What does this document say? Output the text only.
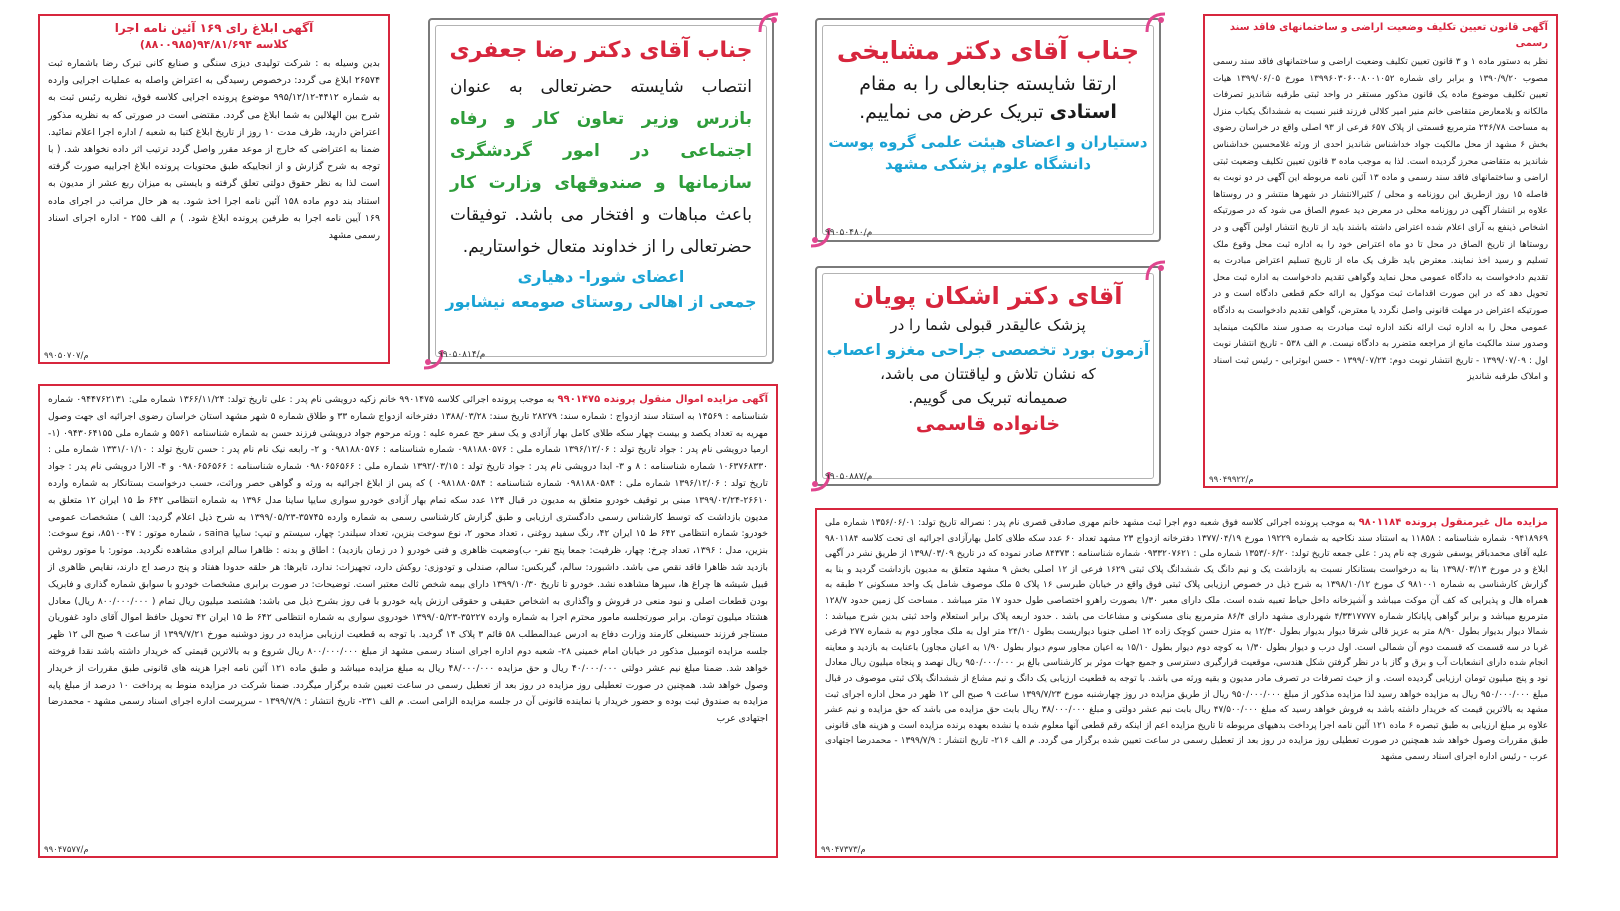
آگهی ابلاغ رای ۱۶۹ آئین نامه اجرا
کلاسه ۹۴/۸۱/۶۹۴(۸۸۰۰۹۸۵)
بدین وسیله به : شرکت تولیدی دیزی سنگی و صنایع کانی تبرک رضا باشماره ثبت ۲۶۵۷۴ ابلاغ می گردد: درخصوص رسیدگی به اعتراض واصله به عملیات اجرایی وارده به شماره ۴۴۱۲-۹۹۵/۱۲/۱۲ موضوع پرونده اجرایی کلاسه فوق، نظریه رئیس ثبت به شرح بین الهلالین به شما ابلاغ می گردد. مقتضی است در صورتی که به نظریه مذکور اعتراض دارید، ظرف مدت ۱۰ روز از تاریخ ابلاغ کتبا به شعبه / اداره اجرا اعلام نمائید. ضمنا به اعتراضی که خارج از موعد مقرر واصل گردد ترتیب اثر داده نخواهد شد. ( با توجه به شرح گزارش و از انجاییکه طبق محتویات پرونده ابلاغ اجراییه صورت گرفته است لذا به نظر حقوق دولتی تعلق گرفته و بایستی به میزان ربع عشر از مدیون به استناد بند دوم ماده ۱۵۸ آئین نامه اجرا اخذ شود. به هر حال مراتب در اجرای ماده ۱۶۹ آیین نامه اجرا به طرفین پرونده ابلاغ شود. ) م الف ۲۵۵ - اداره اجرای اسناد رسمی مشهد
م/۹۹۰۵۰۷۰۷
جناب آقای دکتر رضا جعفری
انتصاب شایسته حضرتعالی به عنوان بازرس وزیر تعاون کار و رفاه اجتماعی در امور گردشگری سازمانها و صندوقهای وزارت کار باعث مباهات و افتخار می باشد. توفیقات حضرتعالی را از خداوند متعال خواستاریم.
اعضای شورا- دهیاری
جمعی از اهالی روستای صومعه نیشابور
م/۹۹۰۵۰۸۱۴
جناب آقای دکتر مشایخی
ارتقا شایسته جنابعالی را به مقام
استادی تبریک عرض می نماییم.
دستیاران و اعضای هیئت علمی گروه پوست
دانشگاه علوم پزشکی مشهد
م/۹۹۰۵۰۴۸۰
آقای دکتر اشکان پویان
پزشک عالیقدر قبولی شما را در
آزمون بورد تخصصی جراحی مغزو اعصاب
که نشان تلاش و لیاقتتان می باشد،
صمیمانه تبریک می گوییم.
خانواده قاسمی
م/۹۹۰۵۰۸۸۷
آگهی قانون تعیین تکلیف وضعیت اراضی و ساختمانهای فاقد سند رسمی
نظر به دستور ماده ۱ و ۳ قانون تعیین تکلیف وضعیت اراضی و ساختمانهای فاقد سند رسمی مصوب ۱۳۹۰/۹/۲۰ و برابر رای شماره ۱۳۹۹۶۰۳۰۶۰۰۸۰۰۱۰۵۲ مورخ ۱۳۹۹/۰۶/۰۵ هیات تعیین تکلیف موضوع ماده یک قانون مذکور مستقر در واحد ثبتی طرقبه شاندیز تصرفات مالکانه و بلامعارض متقاضی خانم منیر امیر کلالی فرزند قنبر نسبت به ششدانگ یکباب منزل به مساحت ۲۴۶/۷۸ مترمربع قسمتی از پلاک ۶۵۷ فرعی از ۹۳ اصلی واقع در خراسان رضوی بخش ۶ مشهد از محل مالکیت جواد خداشناس شاندیز احدی از ورثه غلامحسین خداشناس شاندیز به متقاضی محرز گردیده است. لذا به موجب ماده ۳ قانون تعیین تکلیف وضعیت ثبتی اراضی و ساختمانهای فاقد سند رسمی و ماده ۱۳ آئین نامه مربوطه این آگهی در دو نوبت به فاصله ۱۵ روز ازطریق این روزنامه و محلی / کثیرالانتشار در شهرها منتشر و در روستاها علاوه بر انتشار آگهی در روزنامه محلی در معرض دید عموم الصاق می شود که در صورتیکه اشخاص ذینفع به آرای اعلام شده اعتراض داشته باشند باید از تاریخ انتشار اولین آگهی و در روستاها از تاریخ الصاق در محل تا دو ماه اعتراض خود را به اداره ثبت محل وقوع ملک تسلیم و رسید اخذ نمایند. معترض باید ظرف یک ماه از تاریخ تسلیم اعتراض مبادرت به تقدیم دادخواست به دادگاه عمومی محل نماید وگواهی تقدیم دادخواست به اداره ثبت محل تحویل دهد که در این صورت اقدامات ثبت موکول به ارائه حکم قطعی دادگاه است و در صورتیکه اعتراض در مهلت قانونی واصل نگردد یا معترض، گواهی تقدیم دادخواست به دادگاه عمومی محل را به اداره ثبت ارائه نکند اداره ثبت مبادرت به صدور سند مالکیت مینماید وصدور سند مالکیت مانع از مراجعه متضرر به دادگاه نیست. م الف ۵۳۸ - تاریخ انتشار نوبت اول : ۱۳۹۹/۰۷/۰۹ - تاریخ انتشار نوبت دوم: ۱۳۹۹/۰۷/۲۴ - حسن ابوترابی - رئیس ثبت اسناد و املاک طرقبه شاندیز
م/۹۹۰۴۹۹۲۲
آگهی مزایده اموال منقول پرونده ۹۹۰۱۴۷۵ به موجب پرونده اجرائی کلاسه ۹۹۰۱۴۷۵ خانم زکیه درویشی نام پدر : علی تاریخ تولد: ۱۳۶۶/۱۱/۲۴ شماره ملی: ۰۹۴۴۷۶۲۱۳۱ شماره شناسنامه : ۱۴۵۶۹ به استناد سند ازدواج : شماره سند: ۲۸۲۷۹ تاریخ سند: ۱۳۸۸/۰۳/۲۸ دفترخانه ازدواج شماره ۳۳ و طلاق شماره ۵ شهر مشهد استان خراسان رضوی اجرائیه ای جهت وصول مهریه به تعداد یکصد و بیست چهار سکه طلای کامل بهار آزادی و یک سفر حج عمره علیه : ورثه مرحوم جواد درویشی فرزند حسن به شماره شناسنامه ۵۵۶۱ و شماره ملی ۰۹۴۳۰۶۴۱۵۵ (۱- ارمیا درویشی نام پدر : جواد تاریخ تولد : ۱۳۹۶/۱۲/۰۶ شماره ملی : ۰۹۸۱۸۸۰۵۷۶ شماره شناسنامه : ۰۹۸۱۸۸۰۵۷۶ و ۲- رابعه نیک نام نام پدر : حسن تاریخ تولد : ۱۳۳۱/۰۱/۱۰ شماره ملی : ۱۰۶۳۷۶۸۳۳۰ شماره شناسنامه : ۸ و ۳- ابدا درویشی نام پدر : جواد تاریخ تولد : ۱۳۹۲/۰۳/۱۵ شماره ملی : ۰۹۸۰۶۵۶۵۶۶ شماره شناسنامه : ۰۹۸۰۶۵۶۵۶۶ و ۴- الارا درویشی نام پدر : جواد تاریخ تولد : ۱۳۹۶/۱۲/۰۶ شماره ملی : ۰۹۸۱۸۸۰۵۸۴ شماره شناسنامه : ۰۹۸۱۸۸۰۵۸۴ ) که پس از ابلاغ اجرائیه به ورثه و گواهی حصر وراثت، حسب درخواست بستانکار به شماره وارده ۲۶۶۱۰-۱۳۹۹/۰۲/۲۴ مبنی بر توقیف خودرو متعلق به مدیون در قبال ۱۲۴ عدد سکه تمام بهار آزادی خودرو سواری سایپا ساینا مدل ۱۳۹۶ به شماره انتظامی ۶۴۲ ط ۱۵ ایران ۱۲ متعلق به مدیون بازداشت که توسط کارشناس رسمی دادگستری ارزیابی و طبق گزارش کارشناسی رسمی به شماره وارده ۳۵۷۴۵-۱۳۹۹/۰۵/۲۳ به شرح ذیل اعلام گردید: الف ) مشخصات عمومی خودرو: شماره انتظامی ۶۴۲ ط ۱۵ ایران ۴۲، رنگ سفید روغنی ، تعداد محور ۲، نوع سوخت بنزین، تعداد سیلندر: چهار، سیستم و تیپ: سایپا saina ، شماره موتور : ۸۵۱۰۰۴۷، نوع سوخت: بنزین، مدل : ۱۳۹۶، تعداد چرخ: چهار، ظرفیت: جمعا پنج نفر- ب)وضعیت ظاهری و فنی خودرو ( در زمان بازدید) : اطاق و بدنه : ظاهرا سالم ایرادی مشاهده نگردید. موتور: با موتور روشن بازدید شد ظاهرا فاقد نقص می باشد. داشبورد: سالم، گیربکس: سالم، صندلی و تودوزی: روکش دارد، تجهیزات: ندارد، تایرها: هر حلقه حدودا هفتاد و پنج درصد اج دارند، نقایص ظاهری از قبیل شیشه ها چراغ ها، سپرها مشاهده نشد. خودرو تا تاریخ ۱۳۹۹/۱۰/۳۰ دارای بیمه شخص ثالث معتبر است. توضیحات: در صورت برابری مشخصات خودرو با سوابق شماره گذاری و فابریک بودن قطعات اصلی و نبود منعی در فروش و واگذاری به اشخاص حقیقی و حقوقی ارزش پایه خودرو با فی روز بشرح ذیل می باشد: هشتصد میلیون ریال تمام ( ۸۰۰/۰۰۰/۰۰۰ ریال) معادل هشتاد میلیون تومان. برابر صورتجلسه مامور محترم اجرا به شماره وارده ۳۵۲۲۷-۱۳۹۹/۰۵/۲۳ خودروی سواری به شماره انتظامی ۶۴۲ ط ۱۵ ایران ۴۲ تحویل حافظ اموال آقای داود غفوریان مستاجر فرزند حسینعلی کارمند وزارت دفاع به ادرس عبدالمطلب ۵۸ قائم ۳ پلاک ۱۴ گردید. با توجه به قطعیت ارزیابی مزایده در روز دوشنبه مورخ ۱۳۹۹/۷/۲۱ از ساعت ۹ صبح الی ۱۲ ظهر جلسه مزایده اتومبیل مذکور در خیابان امام خمینی ۲۸- شعبه دوم اداره اجرای اسناد رسمی مشهد از مبلغ ۸۰۰/۰۰۰/۰۰۰ ریال شروع و به بالاترین قیمتی که خریدار داشته باشد نقدا فروخته خواهد شد. ضمنا مبلغ نیم عشر دولتی ۴۰/۰۰۰/۰۰۰ ریال و حق مزایده ۴۸/۰۰۰/۰۰۰ ریال به مبلغ مزایده میباشد و طبق ماده ۱۲۱ آئین نامه اجرا هزینه های قانونی طبق مقررات از خریدار وصول خواهد شد. همچنین در صورت تعطیلی روز مزایده در روز بعد از تعطیل رسمی در ساعت تعیین شده برگزار میگردد. ضمنا شرکت در مزایده منوط به پرداخت ۱۰ درصد از مبلغ پایه مزایده به صندوق ثبت بوده و حضور خریدار یا نماینده قانونی آن در جلسه مزایده الزامی است. م الف ۲۳۱- تاریخ انتشار : ۱۳۹۹/۷/۹ - سرپرست اداره اجرای اسناد رسمی مشهد - محمدرضا اجتهادی عرب
م/۹۹۰۴۷۵۷۷
مزایده مال غیرمنقول پرونده ۹۸۰۱۱۸۴ به موجب پرونده اجرائی کلاسه فوق شعبه دوم اجرا ثبت مشهد خانم مهری صادقی قصری نام پدر : نصراله تاریخ تولد: ۱۳۵۶/۰۶/۰۱ شماره ملی ۰۹۴۱۸۹۶۹ شماره شناسنامه : ۱۱۸۵۸ به استناد سند نکاحیه به شماره ۱۹۲۲۹ مورخ ۱۳۷۷/۰۴/۱۹ دفترخانه ازدواج ۲۳ مشهد تعداد ۶۰ عدد سکه طلای کامل بهارآزادی اجرائیه ای تحت کلاسه ۹۸۰۱۱۸۴ علیه آقای محمدباقر یوسفی شوری چه نام پدر : علی جمعه تاریخ تولد: ۱۳۵۳/۰۶/۲۰ شماره ملی : ۰۹۳۳۲۰۷۶۲۱ شماره شناسنامه : ۸۴۳۷۳ صادر نموده که در تاریخ ۱۳۹۸/۰۳/۰۹ از طریق نشر در آگهی ابلاغ و در مورخ ۱۳۹۸/۰۳/۱۳ بنا به درخواست بستانکار نسبت به بازداشت یک و نیم دانگ یک ششدانگ پلاک ثبتی ۱۶۲۹ فرعی از ۱۲ اصلی بخش ۹ مشهد متعلق به مدیون بازداشت گردید و بنا به گزارش کارشناسی به شماره ۹۸۱۰۰۱ ک مورخ ۱۳۹۸/۱۰/۱۲ به شرح ذیل در خصوص ارزیابی پلاک ثبتی فوق واقع در خیابان طبرسی ۱۶ پلاک ۵ ملک موصوف شامل یک واحد مسکونی ۲ طبقه به همراه هال و پذیرایی که کف آن موکت میباشد و آشپزخانه داخل حیاط تعبیه شده است. ملک دارای معبر ۱/۳۰ بصورت راهرو اختصاصی طول حدود ۱۷ متر میباشد . مساحت کل زمین حدود ۱۲۸/۷ مترمربع میباشد و برابر گواهی پایانکار شماره ۴/۳۳۱۷۷۷۷ شهرداری مشهد دارای ۸۶/۴ مترمربع بنای مسکونی و مشاعات می باشد . حدود اربعه پلاک برابر استعلام واحد ثبتی بدین شرح میباشد : شمالا دیوار بدیوار بطول ۸/۹۰ متر به عزیز قالی شرقا دیوار بدیوار بطول ۱۲/۳۰ به منزل حسن کوچک زاده ۱۲ اصلی جنوبا دیواریست بطول ۲۴/۱۰ متر اول به ملک مجاور دوم به شماره ۲۷۷ فرعی غربا در سه قسمت که قسمت دوم آن شمالی است. اول درب و دیوار بطول ۱/۳۰ به کوچه دوم دیوار بطول ۱۵/۱۰ به اعیان مجاور سوم دیوار بطول ۱/۹۰ به اعیان مجاور) باعنایت به بازدید و معاینه انجام شده دارای انشعابات آب و برق و گاز با در نظر گرفتن شکل هندسی، موقعیت قرارگیری دسترسی و جمیع جهات موثر بر کارشناسی بالغ بر ۹۵۰/۰۰۰/۰۰۰ ریال نهصد و پنجاه میلیون ریال معادل نود و پنج میلیون تومان ارزیابی گردیده است. و از حیث تصرفات در تصرف مادر مدیون و بقیه ورثه می باشد. با توجه به قطعیت ارزیابی یک دانگ و نیم مشاع از ششدانگ پلاک ثبتی موصوف در قبال مبلغ ۹۵۰/۰۰۰/۰۰۰ ریال به مزایده خواهد رسید لذا مزایده مذکور از مبلغ ۹۵۰/۰۰۰/۰۰۰ ریال از طریق مزایده در روز چهارشنبه مورخ ۱۳۹۹/۷/۲۳ ساعت ۹ صبح الی ۱۲ ظهر در محل اداره اجرای ثبت مشهد به بالاترین قیمت که خریدار داشته باشد به فروش خواهد رسید که مبلغ ۴۷/۵۰۰/۰۰۰ ریال بابت نیم عشر دولتی و مبلغ ۳۸/۰۰۰/۰۰۰ ریال بابت حق مزایده می باشد که حق مزایده و نیم عشر علاوه بر مبلغ ارزیابی به طبق تبصره ۶ ماده ۱۲۱ آئین نامه اجرا پرداخت بدهیهای مربوطه تا تاریخ مزایده اعم از اینکه رقم قطعی آنها معلوم شده یا نشده بعهده برنده مزایده است و هزینه های قانونی طبق مقررات وصول خواهد شد همچنین در صورت تعطیلی روز مزایده در روز بعد از تعطیل رسمی در ساعت تعیین شده برگزار می گردد. م الف ۲۱۶- تاریخ انتشار : ۱۳۹۹/۷/۹ - محمدرضا اجتهادی عرب - رئیس اداره اجرای اسناد رسمی مشهد
م/۹۹۰۴۷۳۷۳
